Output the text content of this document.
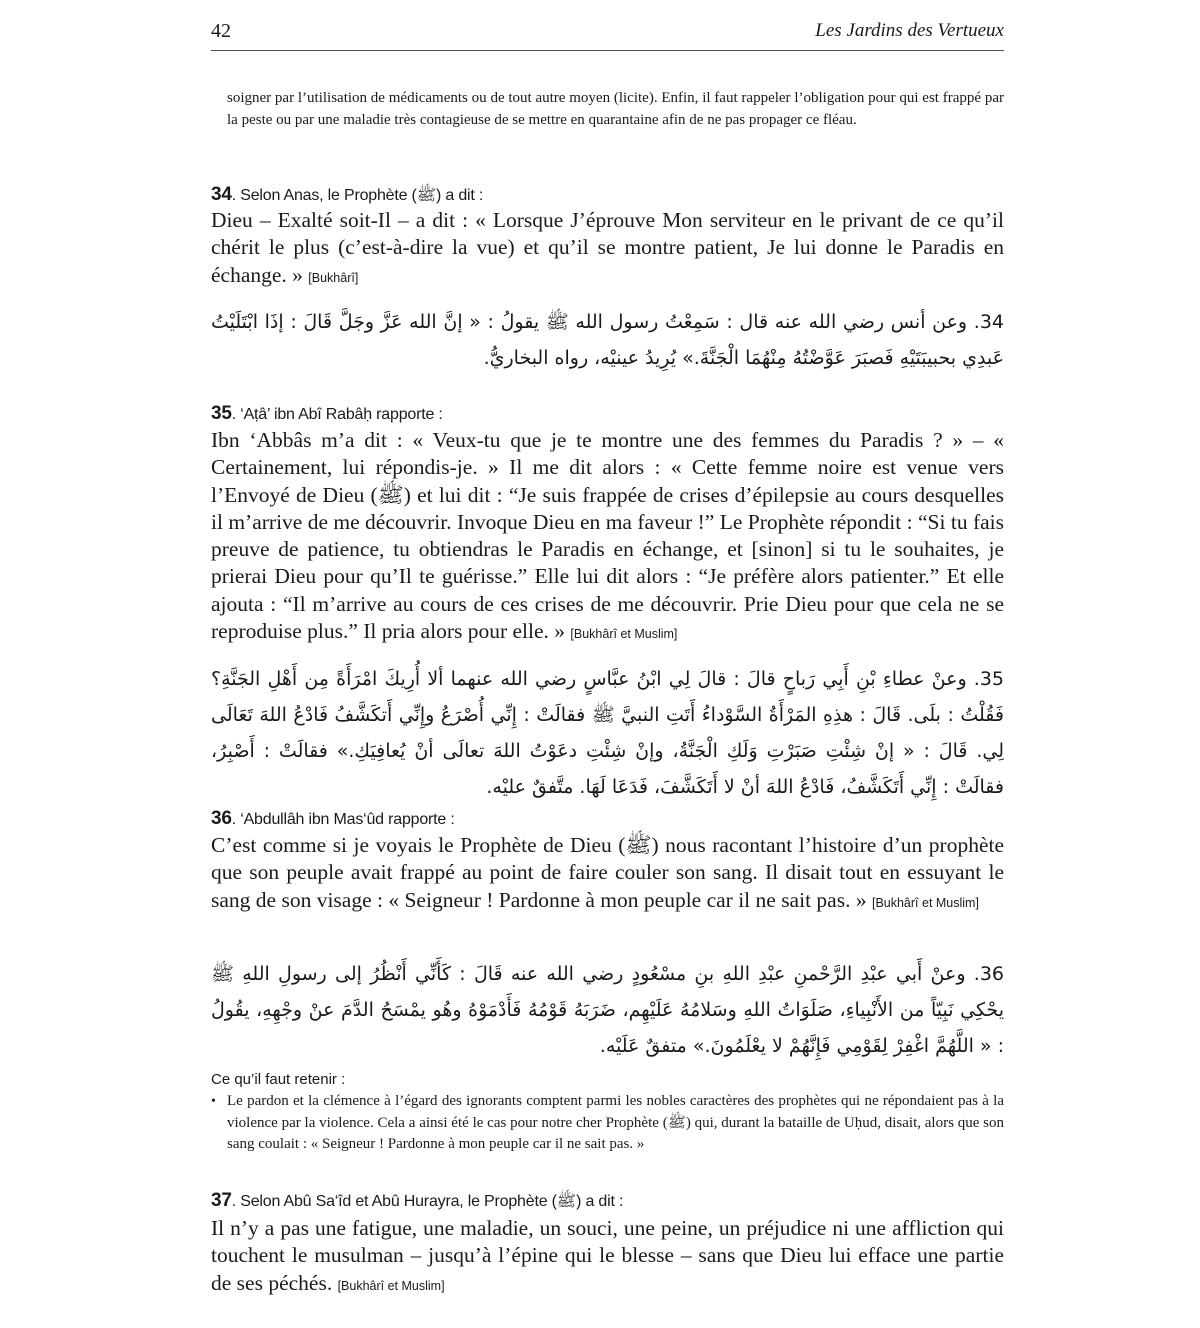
42	Les Jardins des Vertueux

soigner par l’utilisation de médicaments ou de tout autre moyen (licite). Enfin, il faut rappeler l’obligation pour qui est frappé par la peste ou par une maladie très contagieuse de se mettre en quarantaine afin de ne pas propager ce fléau.

34. Selon Anas, le Prophète (ﷺ) a dit :

Dieu – Exalté soit-Il – a dit : « Lorsque J’éprouve Mon serviteur en le privant de ce qu’il chérit le plus (c’est-à-dire la vue) et qu’il se montre patient, Je lui donne le Paradis en échange. » [Bukhârî]

34. وعن أنس رضي الله عنه قال : سَمِعْتُ رسول الله ﷺ يقولُ : « إنَّ الله عَزَّ وجَلَّ قَالَ : إذَا ابْتَلَيْتُ عَبدِي بحبيبَتَيْهِ فَصبَرَ عَوَّضْتُهُ مِنْهُمَا الْجَنَّةَ.» يُرِيدُ عينيْه، رواه البخاريُّ.

35. ‘Aṭâ’ ibn Abî Rabâḥ rapporte :

Ibn ‘Abbâs m’a dit : « Veux-tu que je te montre une des femmes du Paradis ? » – « Certainement, lui répondis-je. » Il me dit alors : « Cette femme noire est venue vers l’Envoyé de Dieu (ﷺ) et lui dit : “Je suis frappée de crises d’épilepsie au cours desquelles il m’arrive de me découvrir. Invoque Dieu en ma faveur !” Le Prophète répondit : “Si tu fais preuve de patience, tu obtiendras le Paradis en échange, et [sinon] si tu le souhaites, je prierai Dieu pour qu’Il te guérisse.” Elle lui dit alors : “Je préfère alors patienter.” Et elle ajouta : “Il m’arrive au cours de ces crises de me découvrir. Prie Dieu pour que cela ne se reproduise plus.” Il pria alors pour elle. » [Bukhârî et Muslim]

35. وعنْ عطاءِ بْنِ أَبِي رَباحٍ قالَ : قالَ لِي ابْنُ عبَّاسٍ رضي الله عنهما ألا أُرِيكَ امْرَأَةً مِن أَهْلِ الجَنَّةِ؟ فَقُلْتُ : بلَى. قَالَ : هذِهِ المَرْأَةُ السَّوْداءُ أَتَتِ النبيَّ ﷺ فقالَتْ : إِنِّي أُصْرَعُ وإِنِّي أَتكَشَّفُ فَادْعُ اللهَ تَعَالَى لِي. قَالَ : « إنْ شِئْتِ صَبَرْتِ وَلَكِ الْجَنَّةُ، وإنْ شِئْتِ دعَوْتُ اللهَ تعالَى أنْ يُعافِيَكِ.» فقالَتْ : أَصْبِرُ، فقالَتْ : إِنِّي أَتَكَشَّفُ، فَادْعُ اللهَ أنْ لا أَتَكَشَّفَ، فَدَعَا لَهَا. متَّفقٌ عليْه.

36. ‘Abdullâh ibn Mas‘ûd rapporte :

C’est comme si je voyais le Prophète de Dieu (ﷺ) nous racontant l’histoire d’un prophète que son peuple avait frappé au point de faire couler son sang. Il disait tout en essuyant le sang de son visage : « Seigneur ! Pardonne à mon peuple car il ne sait pas. » [Bukhârî et Muslim]

36. وعنْ أَبي عبْدِ الرَّحْمنِ عبْدِ اللهِ بنِ مسْعُودٍ رضي الله عنه قَالَ : كَأَنِّي أَنْظُرُ إلى رسولِ اللهِ ﷺ يحْكِي نَبِيّاً من الأَنْبِياءِ، صَلَوَاتُ اللهِ وسَلامُهُ عَلَيْهِم، ضَرَبَهُ قَوْمُهُ فَأَدْمَوْهُ وهُو يمْسَحُ الدَّمَ عنْ وجْهِهِ، يقُولُ : « اللَّهُمَّ اغْفِرْ لِقَوْمِي فَإِنَّهُمْ لا يعْلَمُونَ.» متفقٌ عَلَيْه.

Ce qu’il faut retenir :
• Le pardon et la clémence à l’égard des ignorants comptent parmi les nobles caractères des prophètes qui ne répondaient pas à la violence par la violence. Cela a ainsi été le cas pour notre cher Prophète (ﷺ) qui, durant la bataille de Uḥud, disait, alors que son sang coulait : « Seigneur ! Pardonne à mon peuple car il ne sait pas. »
37. Selon Abû Sa‘îd et Abû Hurayra, le Prophète (ﷺ) a dit :

Il n’y a pas une fatigue, une maladie, un souci, une peine, un préjudice ni une affliction qui touchent le musulman – jusqu’à l’épine qui le blesse – sans que Dieu lui efface une partie de ses péchés. [Bukhârî et Muslim]
